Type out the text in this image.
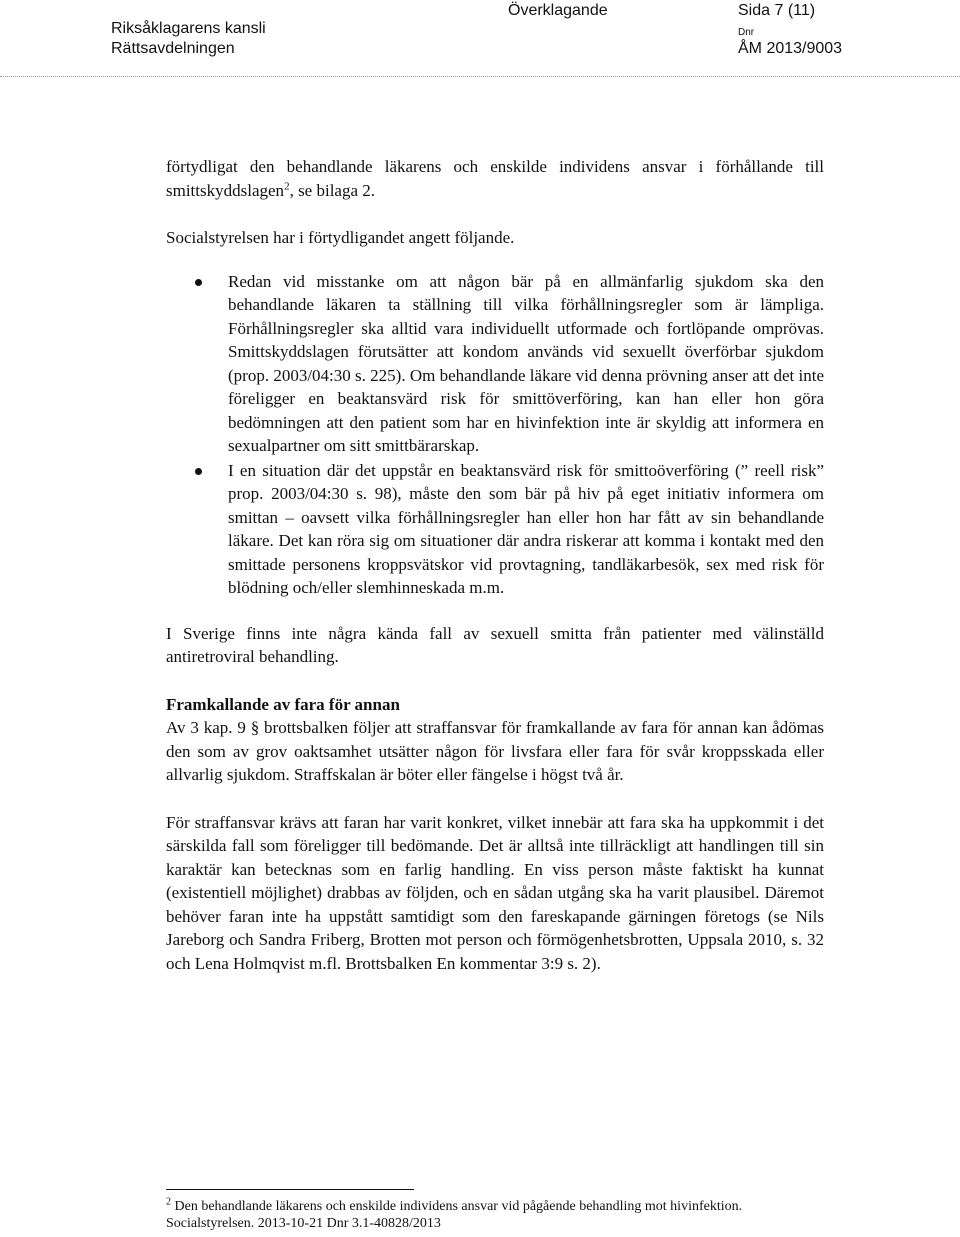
Riksåklagarens kansli
Rättsavdelningen
Överklagande	Sida 7 (11)
Dnr
ÅM 2013/9003

förtydligat den behandlande läkarens och enskilde individens ansvar i förhållande till smittskyddslagen$^2$, se bilaga 2.

Socialstyrelsen har i förtydligandet angett följande.

Redan vid misstanke om att någon bär på en allmänfarlig sjukdom ska den behandlande läkaren ta ställning till vilka förhållningsregler som är lämpliga. Förhållningsregler ska alltid vara individuellt utformade och fortlöpande omprövas. Smittskyddslagen förutsätter att kondom används vid sexuellt överförbar sjukdom (prop. 2003/04:30 s. 225). Om behandlande läkare vid denna prövning anser att det inte föreligger en beaktansvärd risk för smittöverföring, kan han eller hon göra bedömningen att den patient som har en hivinfektion inte är skyldig att informera en sexualpartner om sitt smittbärarskap.
I en situation där det uppstår en beaktansvärd risk för smittoöverföring (” reell risk” prop. 2003/04:30 s. 98), måste den som bär på hiv på eget initiativ informera om smittan – oavsett vilka förhållningsregler han eller hon har fått av sin behandlande läkare. Det kan röra sig om situationer där andra riskerar att komma i kontakt med den smittade personens kroppsvätskor vid provtagning, tandläkarbesök, sex med risk för blödning och/eller slemhinneskada m.m.

I Sverige finns inte några kända fall av sexuell smitta från patienter med välinställd antiretroviral behandling.

Framkallande av fara för annan

Av 3 kap. 9 § brottsbalken följer att straffansvar för framkallande av fara för annan kan ådömas den som av grov oaktsamhet utsätter någon för livsfara eller fara för svår kroppsskada eller allvarlig sjukdom. Straffskalan är böter eller fängelse i högst två år.

För straffansvar krävs att faran har varit konkret, vilket innebär att fara ska ha uppkommit i det särskilda fall som föreligger till bedömande. Det är alltså inte tillräckligt att handlingen till sin karaktär kan betecknas som en farlig handling. En viss person måste faktiskt ha kunnat (existentiell möjlighet) drabbas av följden, och en sådan utgång ska ha varit plausibel. Däremot behöver faran inte ha uppstått samtidigt som den fareskapande gärningen företogs (se Nils Jareborg och Sandra Friberg, Brotten mot person och förmögenhetsbrotten, Uppsala 2010, s. 32 och Lena Holmqvist m.fl. Brottsbalken En kommentar 3:9 s. 2).

$^2$ Den behandlande läkarens och enskilde individens ansvar vid pågående behandling mot hivinfektion. Socialstyrelsen. 2013-10-21 Dnr 3.1-40828/2013
